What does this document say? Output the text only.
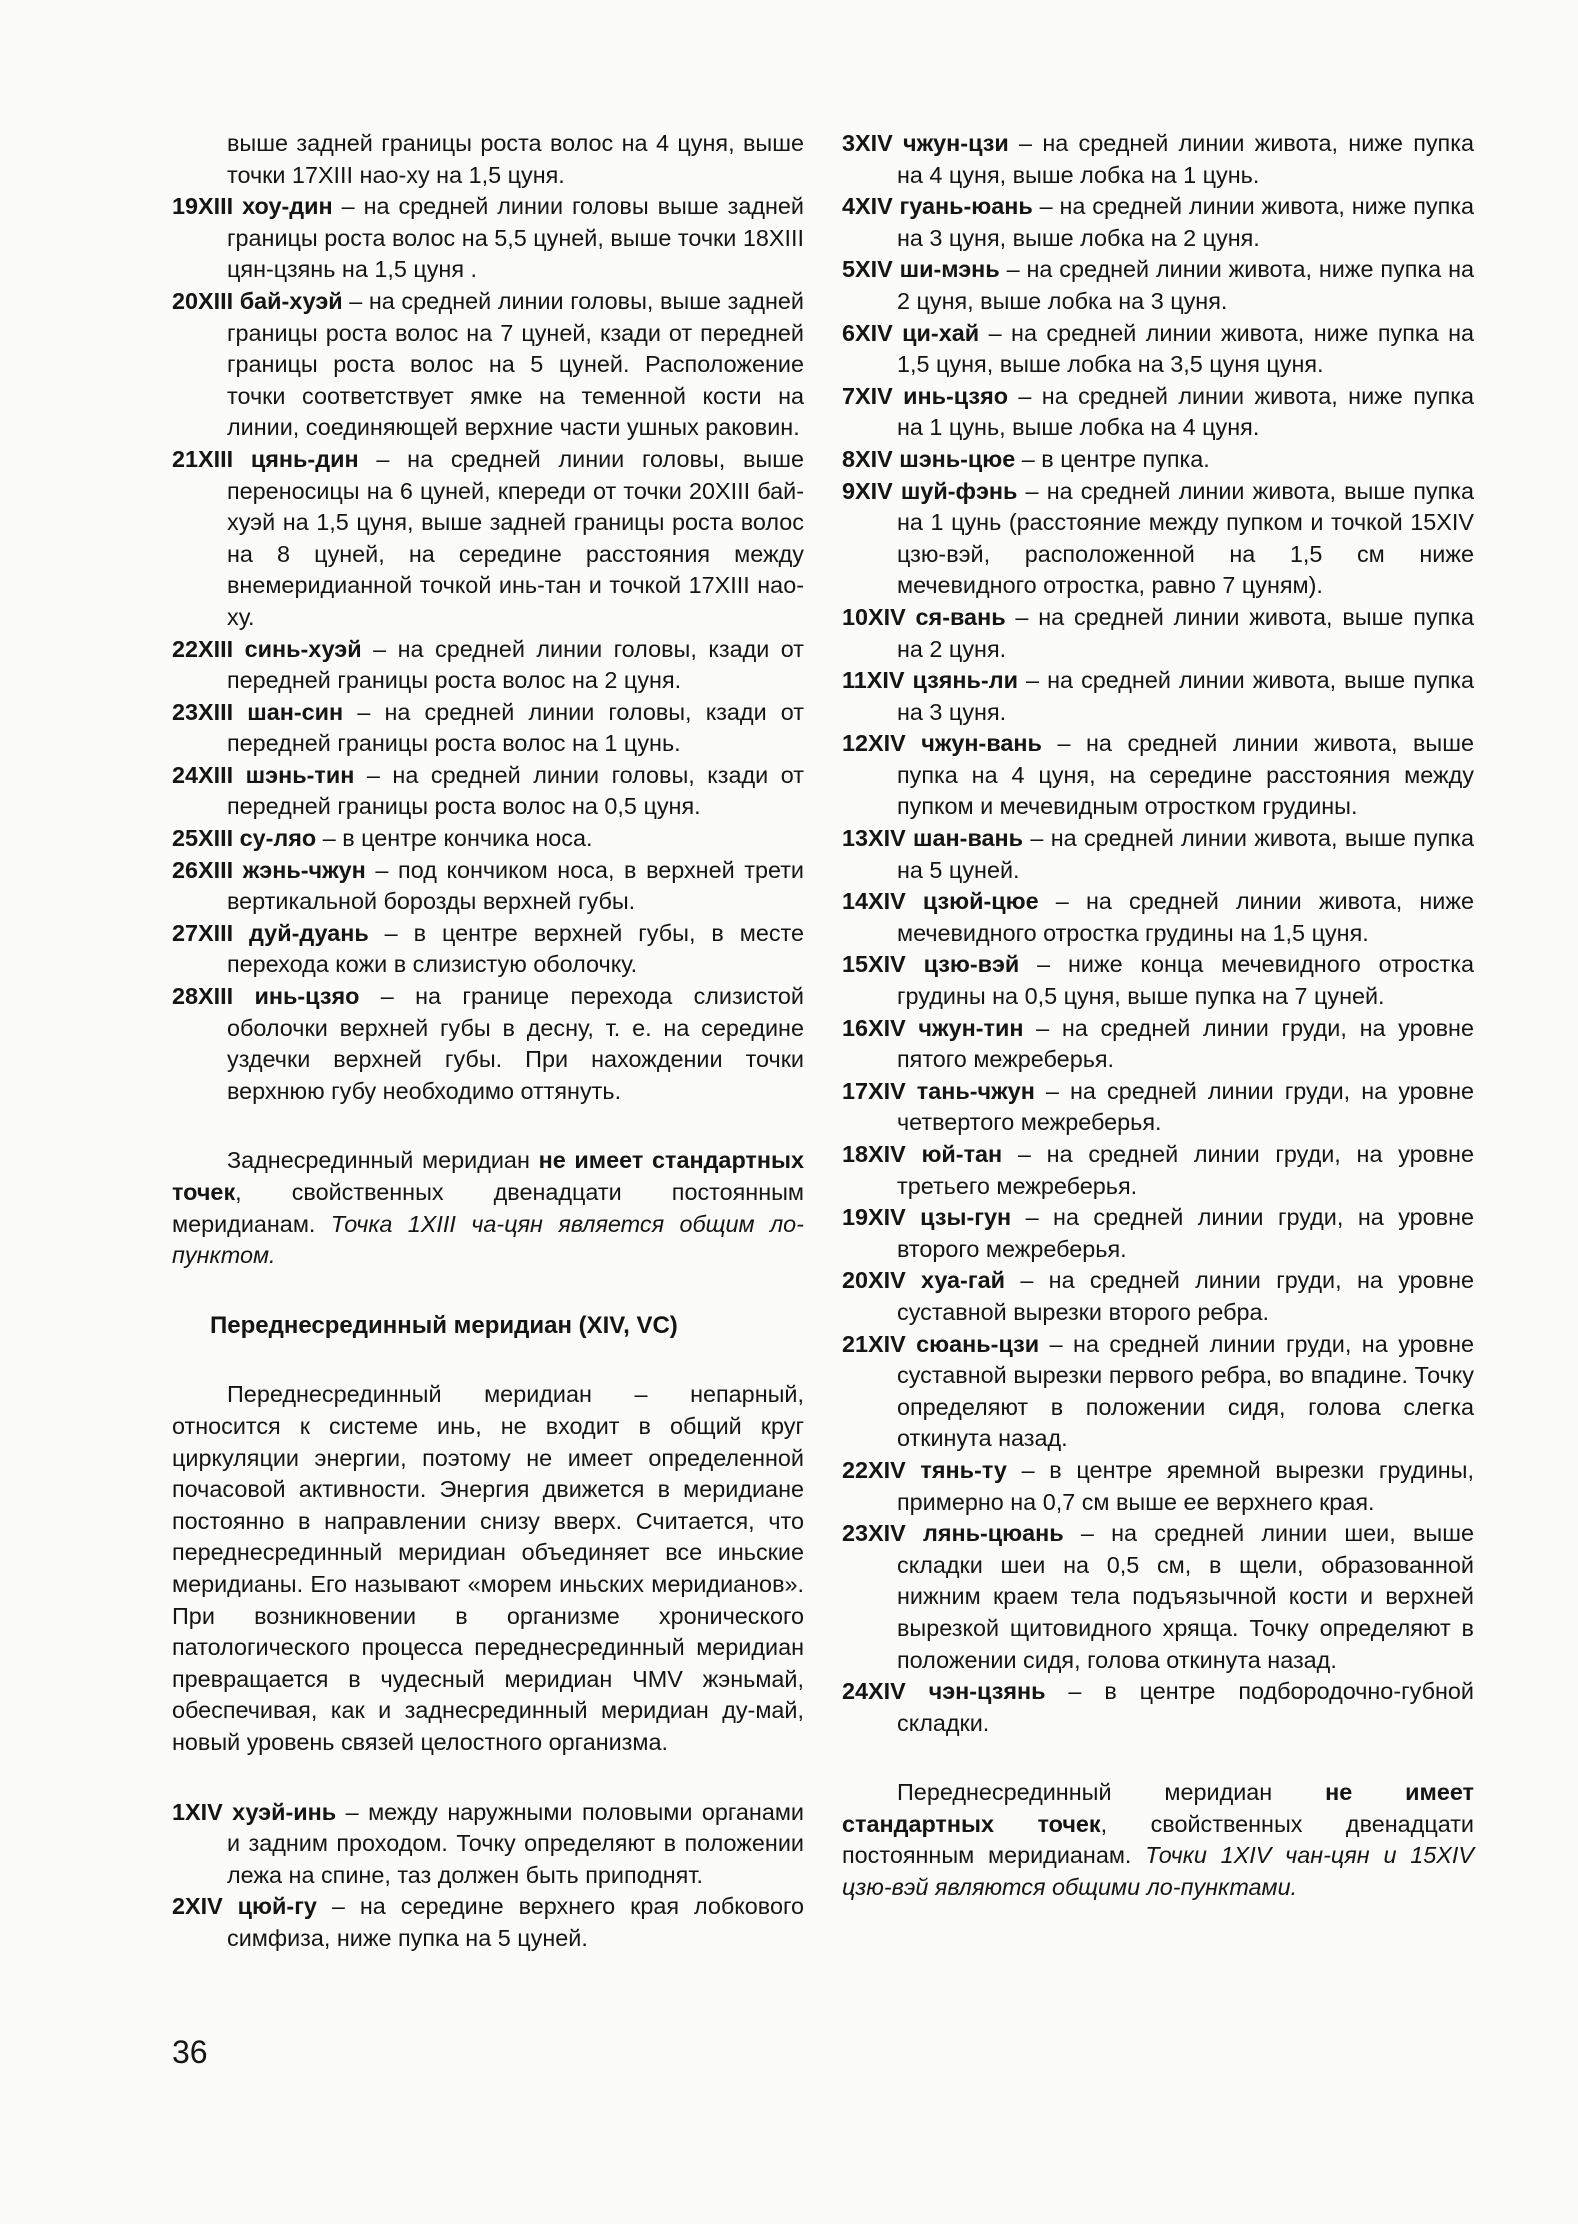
выше задней границы роста волос на 4 цуня, выше точки 17XIII нао-ху на 1,5 цуня.

19XIII хоу-дин – на средней линии головы выше задней границы роста волос на 5,5 цуней, выше точки 18XIII цян-цзянь на 1,5 цуня .

20XIII бай-хуэй – на средней линии головы, выше задней границы роста волос на 7 цуней, кзади от передней границы роста волос на 5 цуней. Расположение точки соответствует ямке на теменной кости на линии, соединяющей верхние части ушных раковин.

21XIII цянь-дин – на средней линии головы, выше переносицы на 6 цуней, кпереди от точки 20XIII бай-хуэй на 1,5 цуня, выше задней границы роста волос на 8 цуней, на середине расстояния между внемеридианной точкой инь-тан и точкой 17XIII нао-ху.

22XIII синь-хуэй – на средней линии головы, кзади от передней границы роста волос на 2 цуня.

23XIII шан-син – на средней линии головы, кзади от передней границы роста волос на 1 цунь.

24XIII шэнь-тин – на средней линии головы, кзади от передней границы роста волос на 0,5 цуня.

25XIII су-ляо – в центре кончика носа.

26XIII жэнь-чжун – под кончиком носа, в верхней трети вертикальной борозды верхней губы.

27XIII дуй-дуань – в центре верхней губы, в месте перехода кожи в слизистую оболочку.

28XIII инь-цзяо – на границе перехода слизистой оболочки верхней губы в десну, т. е. на середине уздечки верхней губы. При нахождении точки верхнюю губу необходимо оттянуть.

Заднесрединный меридиан не имеет стандартных точек, свойственных двенадцати постоянным меридианам. Точка 1XIII ча-цян является общим ло-пунктом.

Переднесрединный меридиан (XIV, VC)

Переднесрединный меридиан – непарный, относится к системе инь, не входит в общий круг циркуляции энергии, поэтому не имеет определенной почасовой активности. Энергия движется в меридиане постоянно в направлении снизу вверх. Считается, что переднесрединный меридиан объединяет все иньские меридианы. Его называют «морем иньских меридианов». При возникновении в организме хронического патологического процесса переднесрединный меридиан превращается в чудесный меридиан ЧМV жэньмай, обеспечивая, как и заднесрединный меридиан ду-май, новый уровень связей целостного организма.

1XIV хуэй-инь – между наружными половыми органами и задним проходом. Точку определяют в положении лежа на спине, таз должен быть приподнят.

2XIV цюй-гу – на середине верхнего края лобкового симфиза, ниже пупка на 5 цуней.

3XIV чжун-цзи – на средней линии живота, ниже пупка на 4 цуня, выше лобка на 1 цунь.

4XIV гуань-юань – на средней линии живота, ниже пупка на 3 цуня, выше лобка на 2 цуня.

5XIV ши-мэнь – на средней линии живота, ниже пупка на 2 цуня, выше лобка на 3 цуня.

6XIV ци-хай – на средней линии живота, ниже пупка на 1,5 цуня, выше лобка на 3,5 цуня цуня.

7XIV инь-цзяо – на средней линии живота, ниже пупка на 1 цунь, выше лобка на 4 цуня.

8XIV шэнь-цюе – в центре пупка.

9XIV шуй-фэнь – на средней линии живота, выше пупка на 1 цунь (расстояние между пупком и точкой 15XIV цзю-вэй, расположенной на 1,5 см ниже мечевидного отростка, равно 7 цуням).

10XIV ся-вань – на средней линии живота, выше пупка на 2 цуня.

11XIV цзянь-ли – на средней линии живота, выше пупка на 3 цуня.

12XIV чжун-вань – на средней линии живота, выше пупка на 4 цуня, на середине расстояния между пупком и мечевидным отростком грудины.

13XIV шан-вань – на средней линии живота, выше пупка на 5 цуней.

14XIV цзюй-цюе – на средней линии живота, ниже мечевидного отростка грудины на 1,5 цуня.

15XIV цзю-вэй – ниже конца мечевидного отростка грудины на 0,5 цуня, выше пупка на 7 цуней.

16XIV чжун-тин – на средней линии груди, на уровне пятого межреберья.

17XIV тань-чжун – на средней линии груди, на уровне четвертого межреберья.

18XIV юй-тан – на средней линии груди, на уровне третьего межреберья.

19XIV цзы-гун – на средней линии груди, на уровне второго межреберья.

20XIV хуа-гай – на средней линии груди, на уровне суставной вырезки второго ребра.

21XIV сюань-цзи – на средней линии груди, на уровне суставной вырезки первого ребра, во впадине. Точку определяют в положении сидя, голова слегка откинута назад.

22XIV тянь-ту – в центре яремной вырезки грудины, примерно на 0,7 см выше ее верхнего края.

23XIV лянь-цюань – на средней линии шеи, выше складки шеи на 0,5 см, в щели, образованной нижним краем тела подъязычной кости и верхней вырезкой щитовидного хряща. Точку определяют в положении сидя, голова откинута назад.

24XIV чэн-цзянь – в центре подбородочно-губной складки.

Переднесрединный меридиан не имеет стандартных точек, свойственных двенадцати постоянным меридианам. Точки 1XIV чан-цян и 15XIV цзю-вэй являются общими ло-пунктами.

36
